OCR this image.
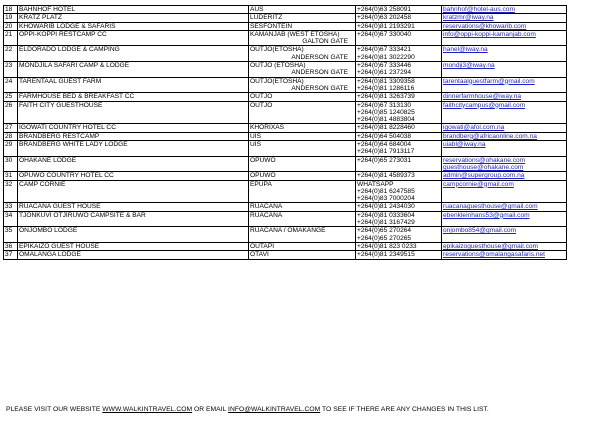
18	BAHNHOF HOTEL	AUS	+264(0)63 258091	bahnhof@hotel-aus.com

19	KRATZ PLATZ	LUDERITZ	+264(0)63 202458	kratzmr@iway.na

20	KHOWARIB LODGE & SAFARIS	SESFONTEIN	+264(0)81 2193291	reservations@khowarib.com

21	OPPI-KOPPI RESTCAMP CC	KAMANJAB (WEST ETOSHA)
GALTON GATE	+264(0)67 330040	info@oppi-koppi-kamanjab.com

22	ELDORADO LODGE & CAMPING	OUTJO(ETOSHA)
ANDERSON GATE	+264(0)67 333421
+264(0)81 3022290	hanel@iway.na

23	MONDJILA SAFARI CAMP & LODGE	OUTJO (ETOSHA)
ANDERSON GATE	+264(0)67 333446
+264(0)61 237294	mondji3@iway.na

24	TARENTAAL GUEST FARM	OUTJO(ETOSHA)
ANDERSON GATE	+264(0)81 3309358
+264(0)81 1286116	tarentaalguestfarm@gmail.com

25	FARMHOUSE BED & BREAKFAST CC	OUTJO	+264(0)81 3263739	dinnerfarmhouse@iway.na

26	FAITH CITY GUESTHOUSE	OUTJO	+264(0)67 313130
+264(0)85 1240825
+264(0)81 4883804	faithcitycampus@gmail.com

27	IGOWATI COUNTRY HOTEL CC	KHORIXAS	+264(0)81 8228460	igowati@afol.com.na

28	BRANDBERG RESTCAMP	UIS	+264(0)64 504038	brandberg@africaonline.com.na

29	BRANDBERG WHITE LADY LODGE	UIS	+264(0)64 684004
+264(0)81 7913117	uiabl@iway.na

30	OHAKANE LODGE	OPUWO	+264(0)65 273031	reservations@ohakane.com
guesthouse@ohakane.com

31	OPUWO COUNTRY HOTEL CC	OPUWO	+264(0)81 4589373	admin@supergroup.com.na

32	CAMP CORNIE	EPUPA	WHATSAPP
+264(0)81 6247585
+264(0)83 7000204	campcornie@gmail.com

33	RUACANA GUEST HOUSE	RUACANA	+264(0)81 2434030	ruacanaguesthouse@gmail.com

34	TJONKUVI OTJIRUWO CAMPSITE & BAR	RUACANA	+264(0)81 0333604
+264(0)81 3167429	ebenkleinhans53@gmail.com

35	ONJOMBO LODGE	RUACANA / OMAKANGE	+264(0)65 270264
+264(0)65 270265	onjombo854@gmail.com

36	EPIKAIZO GUEST HOUSE	OUTAPI	+264(0)81 823 0233	epikaizoguesthouse@gmail.com

37	OMALANGA LODGE	OTAVI	+264(0)81 2349515	reservations@omalangasafaris.net
PLEASE VISIT OUR WEBSITE WWW.WALKINTRAVEL.COM OR EMAIL INFO@WALKINTRAVEL.COM TO SEE IF THERE ARE ANY CHANGES IN THIS LIST.
